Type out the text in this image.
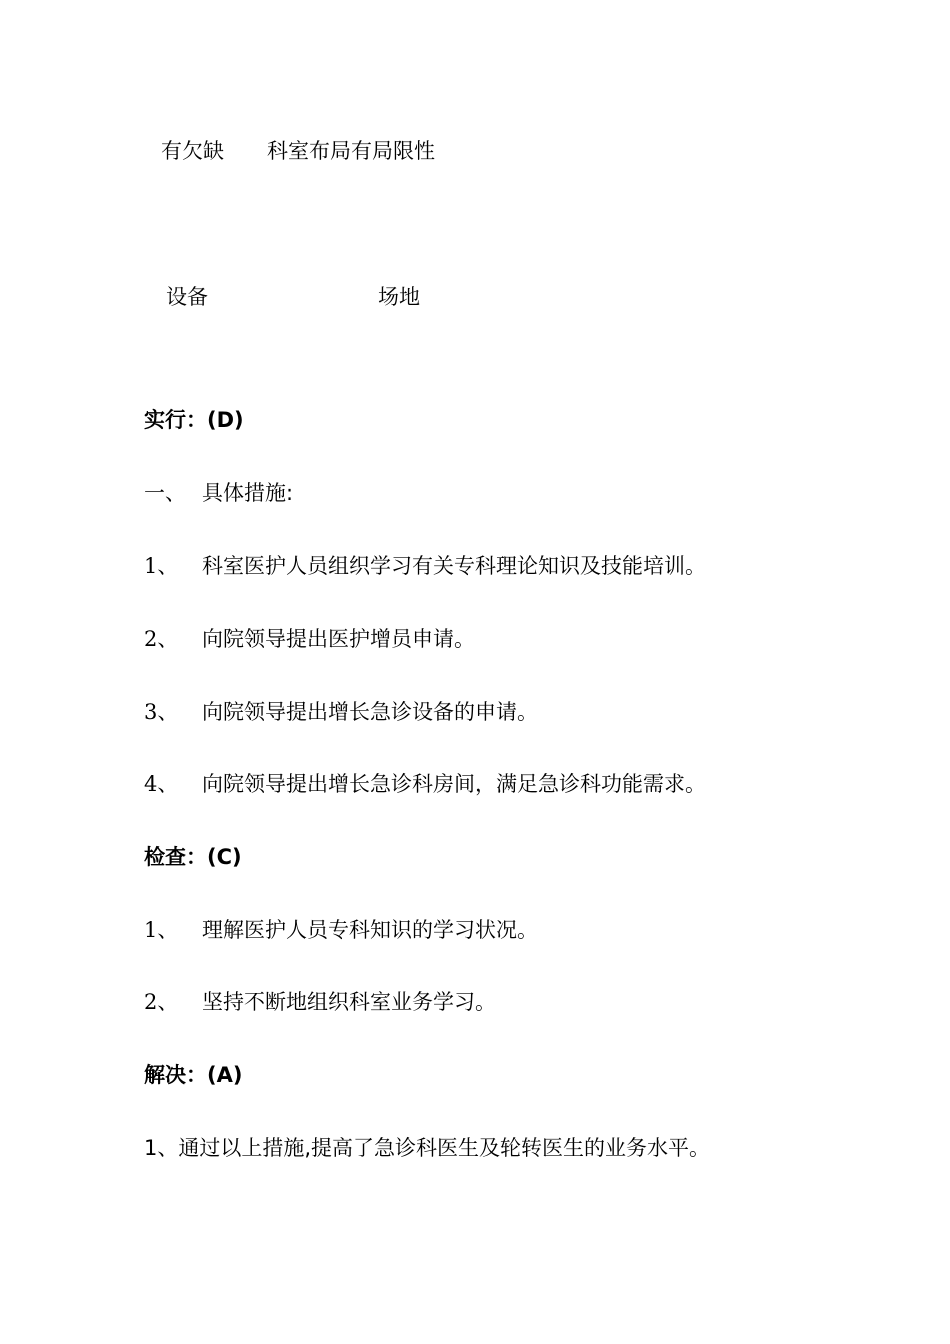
有欠缺 科室布局有局限性
设备	场地
实行：(D)
一、 具体措施:
1、 科室医护人员组织学习有关专科理论知识及技能培训。
2、 向院领导提出医护增员申请。
3、 向院领导提出增长急诊设备的申请。
4、 向院领导提出增长急诊科房间，满足急诊科功能需求。
检查：(C)
1、 理解医护人员专科知识的学习状况。
2、 坚持不断地组织科室业务学习。
解决：(A)
1、通过以上措施,提高了急诊科医生及轮转医生的业务水平。
